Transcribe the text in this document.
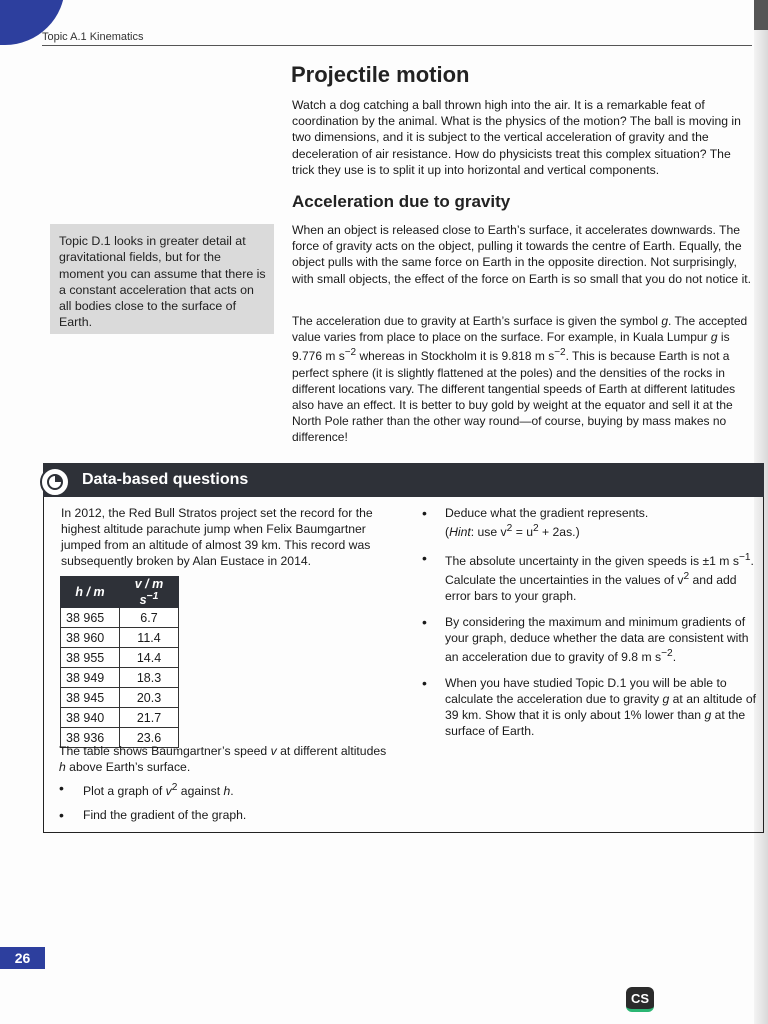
Topic A.1 Kinematics
Projectile motion

Watch a dog catching a ball thrown high into the air. It is a remarkable feat of coordination by the animal. What is the physics of the motion? The ball is moving in two dimensions, and it is subject to the vertical acceleration of gravity and the deceleration of air resistance. How do physicists treat this complex situation? The trick they use is to split it up into horizontal and vertical components.

Acceleration due to gravity

When an object is released close to Earth’s surface, it accelerates downwards. The force of gravity acts on the object, pulling it towards the centre of Earth. Equally, the object pulls with the same force on Earth in the opposite direction. Not surprisingly, with small objects, the effect of the force on Earth is so small that you do not notice it.

The acceleration due to gravity at Earth’s surface is given the symbol g. The accepted value varies from place to place on the surface. For example, in Kuala Lumpur g is 9.776 m $s^{-2}$ whereas in Stockholm it is 9.818 m $s^{-2}$. This is because Earth is not a perfect sphere (it is slightly flattened at the poles) and the densities of the rocks in different locations vary. The different tangential speeds of Earth at different latitudes also have an effect. It is better to buy gold by weight at the equator and sell it at the North Pole rather than the other way round—of course, buying by mass makes no difference!

Topic D.1 looks in greater detail at gravitational fields, but for the moment you can assume that there is a constant acceleration that acts on all bodies close to the surface of Earth.
Data-based questions

In 2012, the Red Bull Stratos project set the record for the highest altitude parachute jump when Felix Baumgartner jumped from an altitude of almost 39 km. This record was subsequently broken by Alan Eustace in 2014.

h / m	v / m $s^{-1}$
38 965	6.7
38 960	11.4
38 955	14.4
38 949	18.3
38 945	20.3
38 940	21.7
38 936	23.6

The table shows Baumgartner’s speed v at different altitudes h above Earth’s surface.

• Plot a graph of $v^2$ against h.
• Find the gradient of the graph.
• Deduce what the gradient represents.
(Hint: use $v^2 = u^2 + 2as$.)
• The absolute uncertainty in the given speeds is ±1 m $s^{-1}$. Calculate the uncertainties in the values of $v^2$ and add error bars to your graph.
• By considering the maximum and minimum gradients of your graph, deduce whether the data are consistent with an acceleration due to gravity of 9.8 m $s^{-2}$.
• When you have studied Topic D.1 you will be able to calculate the acceleration due to gravity g at an altitude of 39 km. Show that it is only about 1% lower than g at the surface of Earth.
26
CS
